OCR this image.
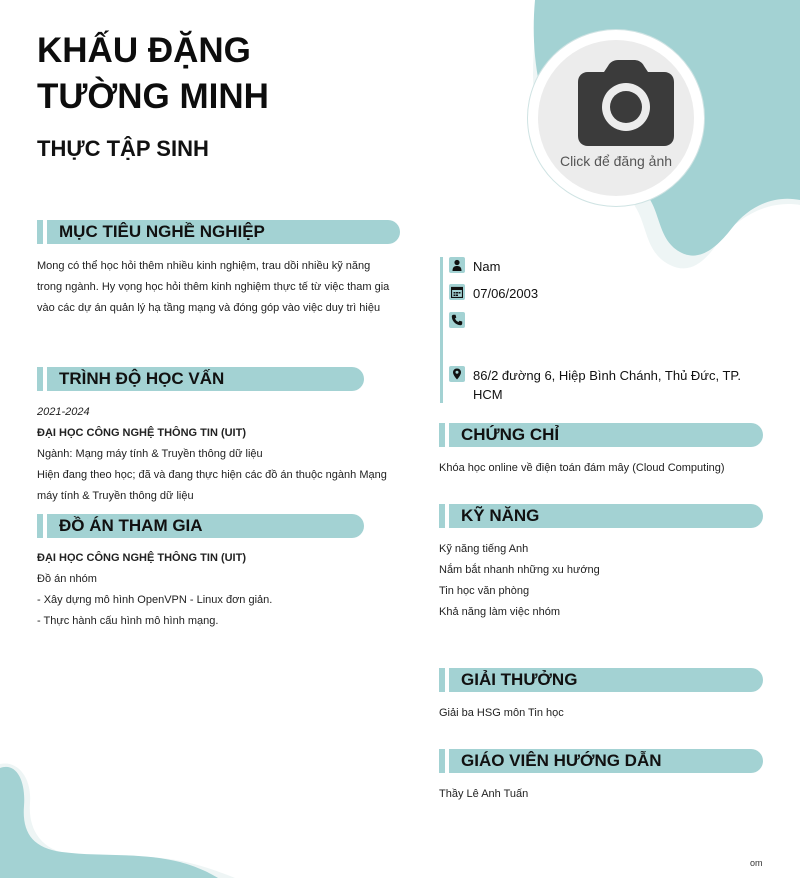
KHẤU ĐẶNG
TƯỜNG MINH
THỰC TẬP SINH	Click để đăng ảnh
MỤC TIÊU NGHỀ NGHIỆP

Mong có thể học hỏi thêm nhiều kinh nghiệm, trau dồi nhiều kỹ năng

trong ngành. Hy vọng học hỏi thêm kinh nghiệm thực tế từ việc tham gia

vào các dự án quản lý hạ tầng mạng và đóng góp vào việc duy trì hiệu

TRÌNH ĐỘ HỌC VẤN

2021-2024

ĐẠI HỌC CÔNG NGHỆ THÔNG TIN (UIT)

Ngành: Mạng máy tính & Truyền thông dữ liệu

Hiện đang theo học; đã và đang thực hiện các đồ án thuộc ngành Mạng

máy tính & Truyền thông dữ liệu

ĐỒ ÁN THAM GIA

ĐẠI HỌC CÔNG NGHỆ THÔNG TIN (UIT)

Đồ án nhóm

- Xây dựng mô hình OpenVPN - Linux đơn giản.

- Thực hành cấu hình mô hình mạng.

Nam
07/06/2003
86/2 đường 6, Hiệp Bình Chánh, Thủ Đức, TP.
HCM
CHỨNG CHỈ

Khóa học online về điện toán đám mây (Cloud Computing)

KỸ NĂNG

Kỹ năng tiếng Anh

Nắm bắt nhanh những xu hướng

Tin học văn phòng

Khả năng làm việc nhóm

GIẢI THƯỞNG

Giải ba HSG môn Tin học

GIÁO VIÊN HƯỚNG DẪN

Thầy Lê Anh Tuấn

om
